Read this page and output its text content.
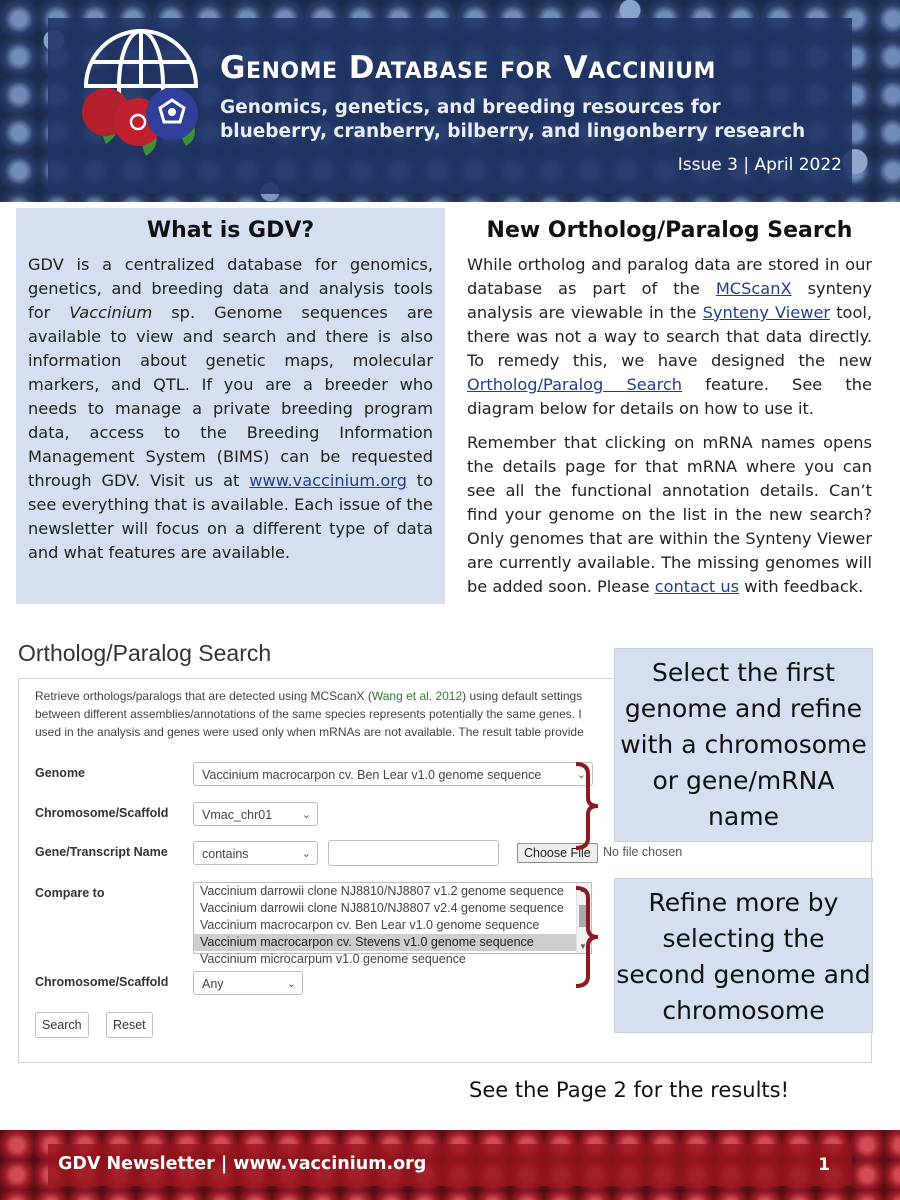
Genome Database for Vaccinium

Genomics, genetics, and breeding resources for blueberry, cranberry, bilberry, and lingonberry research

Issue 3 | April 2022
What is GDV?

GDV is a centralized database for genomics, genetics, and breeding data and analysis tools for Vaccinium sp. Genome sequences are available to view and search and there is also information about genetic maps, molecular markers, and QTL. If you are a breeder who needs to manage a private breeding program data, access to the Breeding Information Management System (BIMS) can be requested through GDV. Visit us at www.vaccinium.org to see everything that is available. Each issue of the newsletter will focus on a different type of data and what features are available.

New Ortholog/Paralog Search

While ortholog and paralog data are stored in our database as part of the MCScanX synteny analysis are viewable in the Synteny Viewer tool, there was not a way to search that data directly. To remedy this, we have designed the new Ortholog/Paralog Search feature. See the diagram below for details on how to use it.

Remember that clicking on mRNA names opens the details page for that mRNA where you can see all the functional annotation details. Can’t find your genome on the list in the new search? Only genomes that are within the Synteny Viewer are currently available. The missing genomes will be added soon. Please contact us with feedback.

Ortholog/Paralog Search

Retrieve orthologs/paralogs that are detected using MCScanX (Wang et al. 2012) using default settings
between different assemblies/annotations of the same species represents potentially the same genes. I
used in the analysis and genes were used only when mRNAs are not available. The result table provide

Genome	Vaccinium macrocarpon cv. Ben Lear v1.0 genome sequence	⌄
Chromosome/Scaffold	Vmac_chr01	⌄
Gene/Transcript Name	contains	⌄	Choose File No file chosen
Compare to	Vaccinium darrowii clone NJ8810/NJ8807 v1.2 genome sequence
Vaccinium darrowii clone NJ8810/NJ8807 v2.4 genome sequence
Vaccinium macrocarpon cv. Ben Lear v1.0 genome sequence
Vaccinium macrocarpon cv. Stevens v1.0 genome sequence
Vaccinium microcarpum v1.0 genome sequence
▲
▼
Chromosome/Scaffold	Any	⌄
Search	Reset
Select the first genome and refine with a chromosome or gene/mRNA name
Refine more by selecting the second genome and chromosome

See the Page 2 for the results!

GDV Newsletter | www.vaccinium.org	1
